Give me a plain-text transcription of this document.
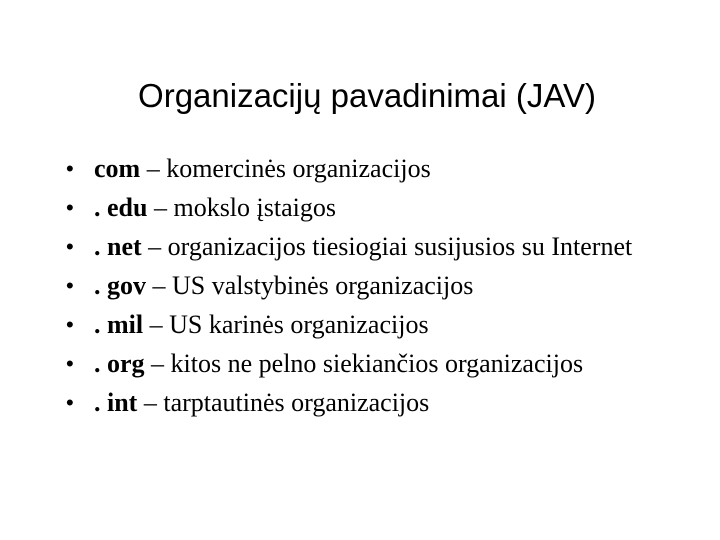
Organizacijų pavadinimai (JAV)
• com – komercinės organizacijos
• . edu – mokslo įstaigos
• . net – organizacijos tiesiogiai susijusios su Internet
• . gov – US valstybinės organizacijos
• . mil – US karinės organizacijos
• . org – kitos ne pelno siekiančios organizacijos
• . int – tarptautinės organizacijos
